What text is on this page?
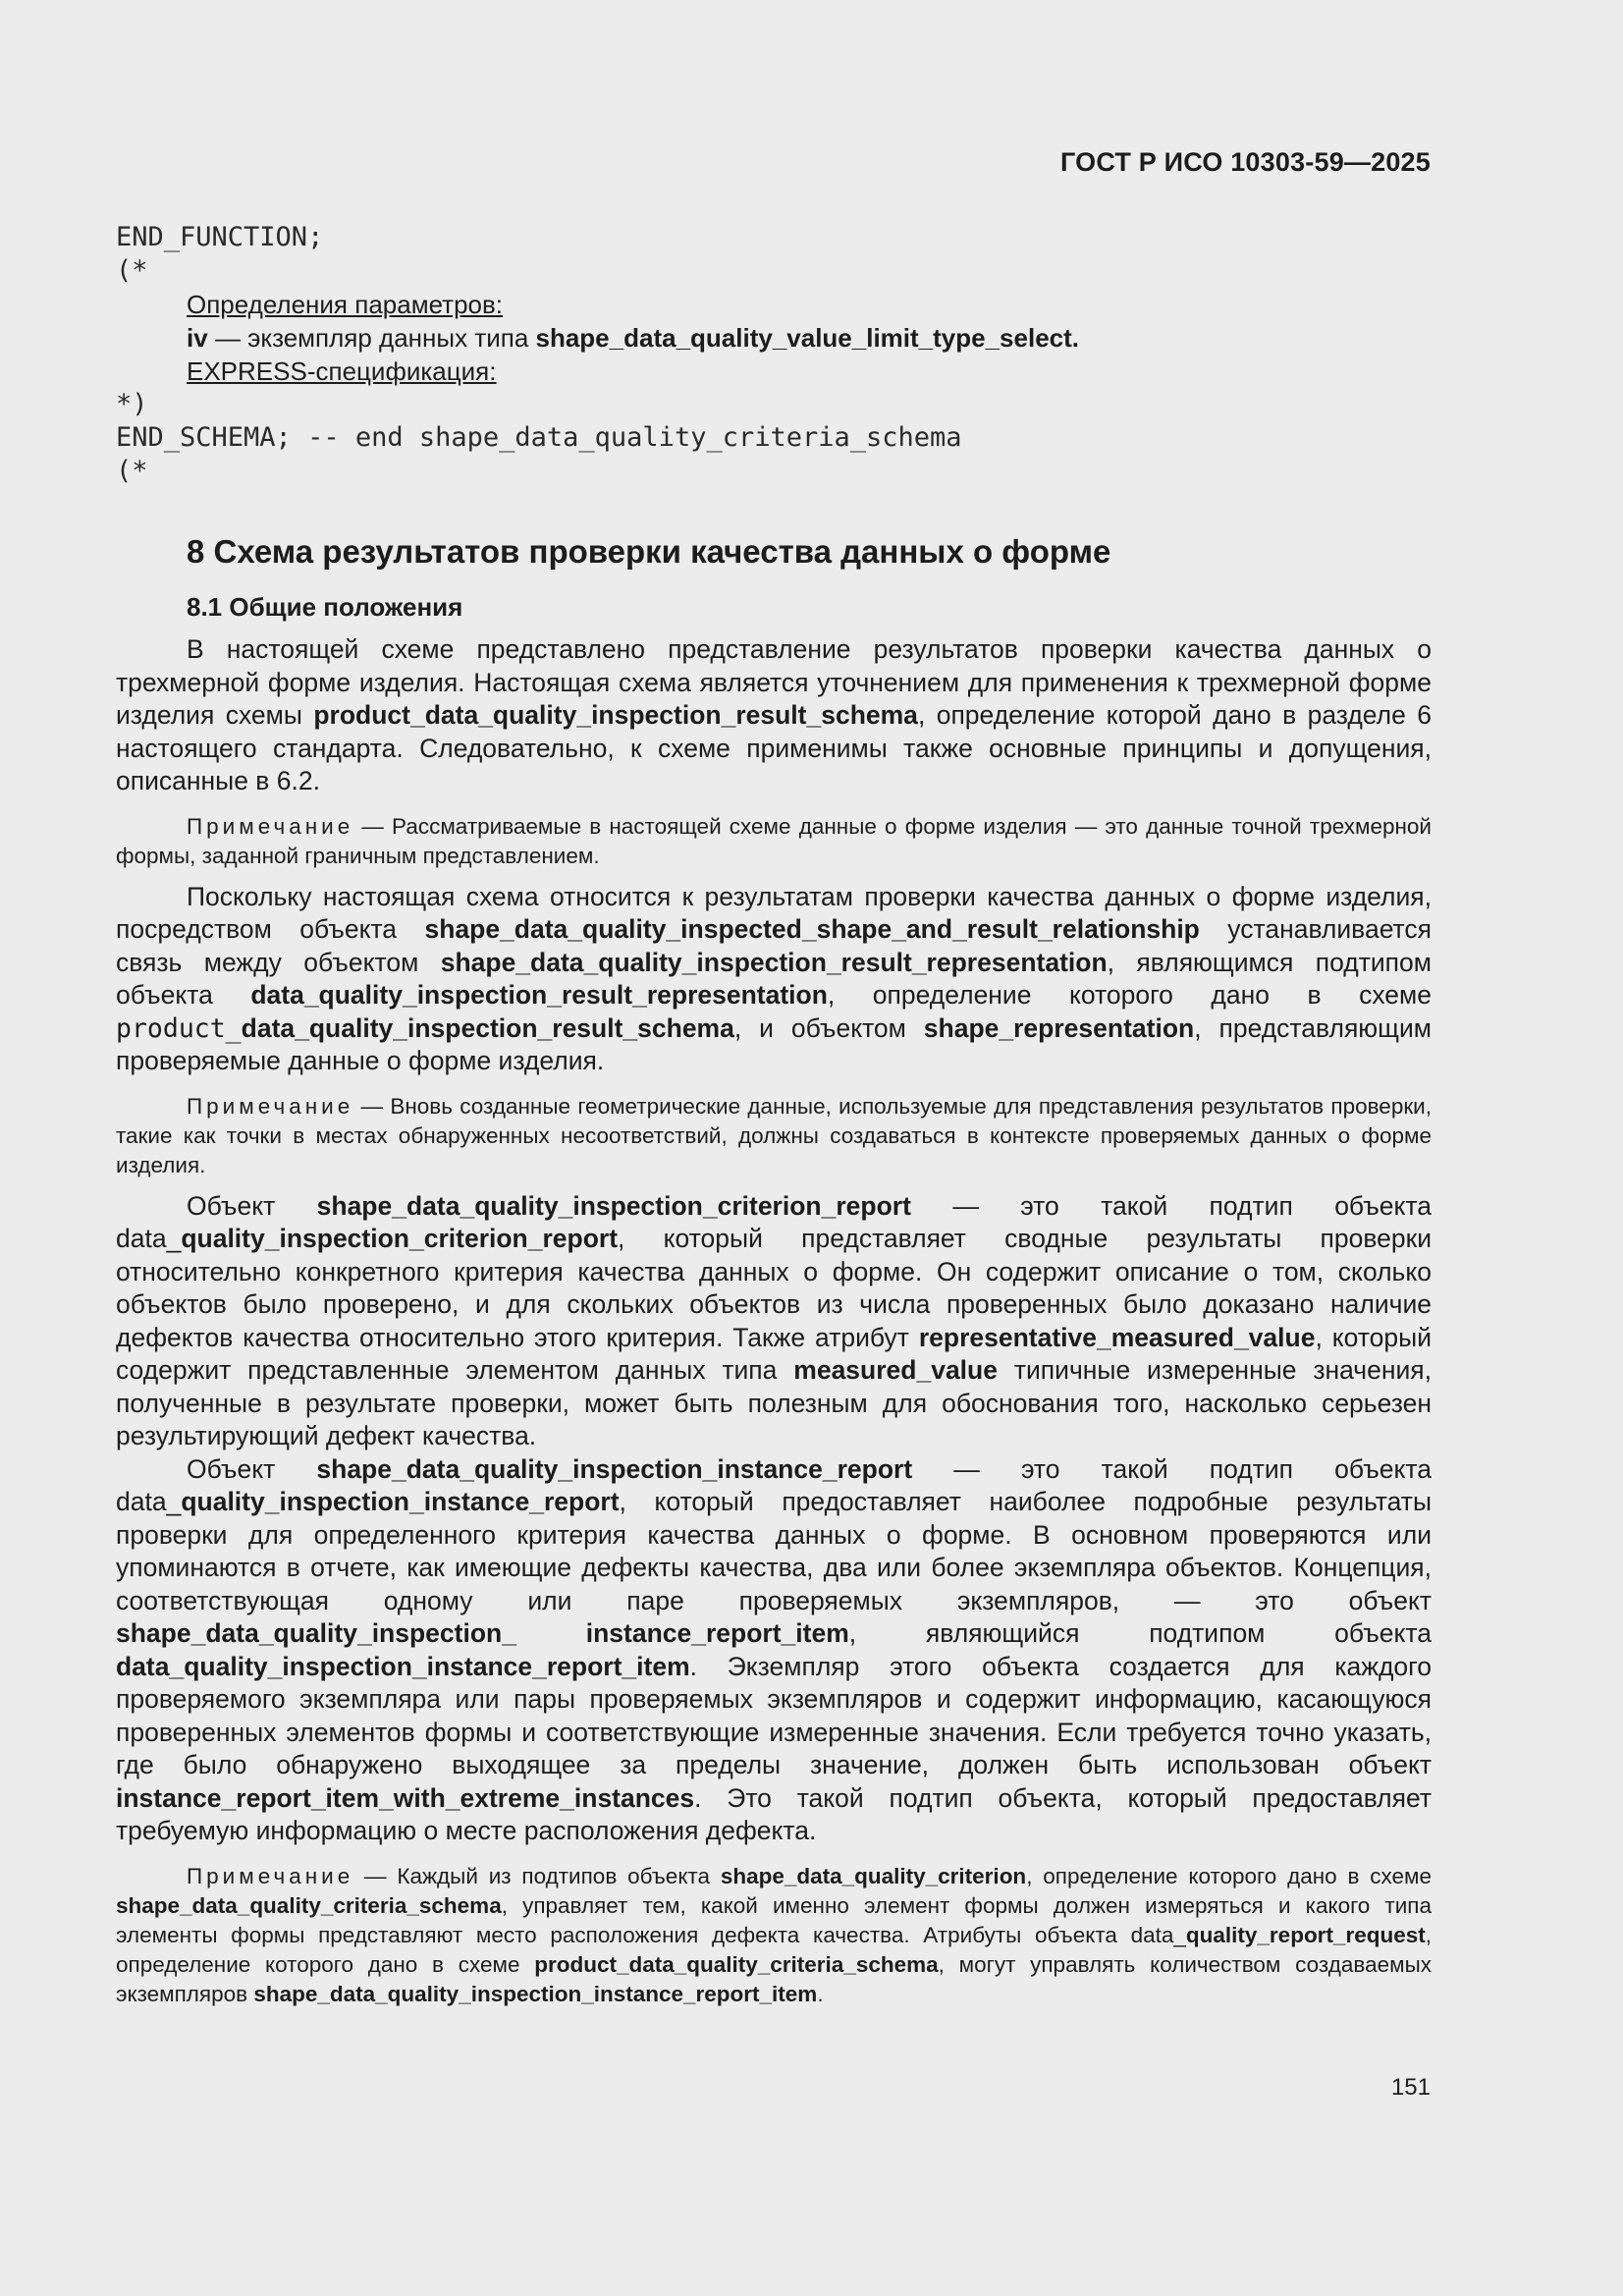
ГОСТ Р ИСО 10303-59—2025
END_FUNCTION;
(*
Определения параметров:
iv — экземпляр данных типа shape_data_quality_value_limit_type_select.
EXPRESS-спецификация:
*)
END_SCHEMA; -- end shape_data_quality_criteria_schema
(*
8 Схема результатов проверки качества данных о форме
8.1 Общие положения

В настоящей схеме представлено представление результатов проверки качества данных о трехмерной форме изделия. Настоящая схема является уточнением для применения к трехмерной форме изделия схемы product_data_quality_inspection_result_schema, определение которой дано в разделе 6 настоящего стандарта. Следовательно, к схеме применимы также основные принципы и допущения, описанные в 6.2.

Примечание — Рассматриваемые в настоящей схеме данные о форме изделия — это данные точной трехмерной формы, заданной граничным представлением.

Поскольку настоящая схема относится к результатам проверки качества данных о форме изделия, посредством объекта shape_data_quality_inspected_shape_and_result_relationship устанавливается связь между объектом shape_data_quality_inspection_result_representation, являющимся подтипом объекта data_quality_inspection_result_representation, определение которого дано в схеме product_data_quality_inspection_result_schema, и объектом shape_representation, представляющим проверяемые данные о форме изделия.

Примечание — Вновь созданные геометрические данные, используемые для представления результатов проверки, такие как точки в местах обнаруженных несоответствий, должны создаваться в контексте проверяемых данных о форме изделия.

Объект shape_data_quality_inspection_criterion_report — это такой подтип объекта data_quality_inspection_criterion_report, который представляет сводные результаты проверки относительно конкретного критерия качества данных о форме. Он содержит описание о том, сколько объектов было проверено, и для скольких объектов из числа проверенных было доказано наличие дефектов качества относительно этого критерия. Также атрибут representative_measured_value, который содержит представленные элементом данных типа measured_value типичные измеренные значения, полученные в результате проверки, может быть полезным для обоснования того, насколько серьезен результирующий дефект качества.

Объект shape_data_quality_inspection_instance_report — это такой подтип объекта data_quality_inspection_instance_report, который предоставляет наиболее подробные результаты проверки для определенного критерия качества данных о форме. В основном проверяются или упоминаются в отчете, как имеющие дефекты качества, два или более экземпляра объектов. Концепция, соответствующая одному или паре проверяемых экземпляров, — это объект shape_data_quality_inspection_ instance_report_item, являющийся подтипом объекта data_quality_inspection_instance_report_item. Экземпляр этого объекта создается для каждого проверяемого экземпляра или пары проверяемых экземпляров и содержит информацию, касающуюся проверенных элементов формы и соответствующие измеренные значения. Если требуется точно указать, где было обнаружено выходящее за пределы значение, должен быть использован объект instance_report_item_with_extreme_instances. Это такой подтип объекта, который предоставляет требуемую информацию о месте расположения дефекта.

Примечание — Каждый из подтипов объекта shape_data_quality_criterion, определение которого дано в схеме shape_data_quality_criteria_schema, управляет тем, какой именно элемент формы должен измеряться и какого типа элементы формы представляют место расположения дефекта качества. Атрибуты объекта data_quality_report_request, определение которого дано в схеме product_data_quality_criteria_schema, могут управлять количеством создаваемых экземпляров shape_data_quality_inspection_instance_report_item.

151
